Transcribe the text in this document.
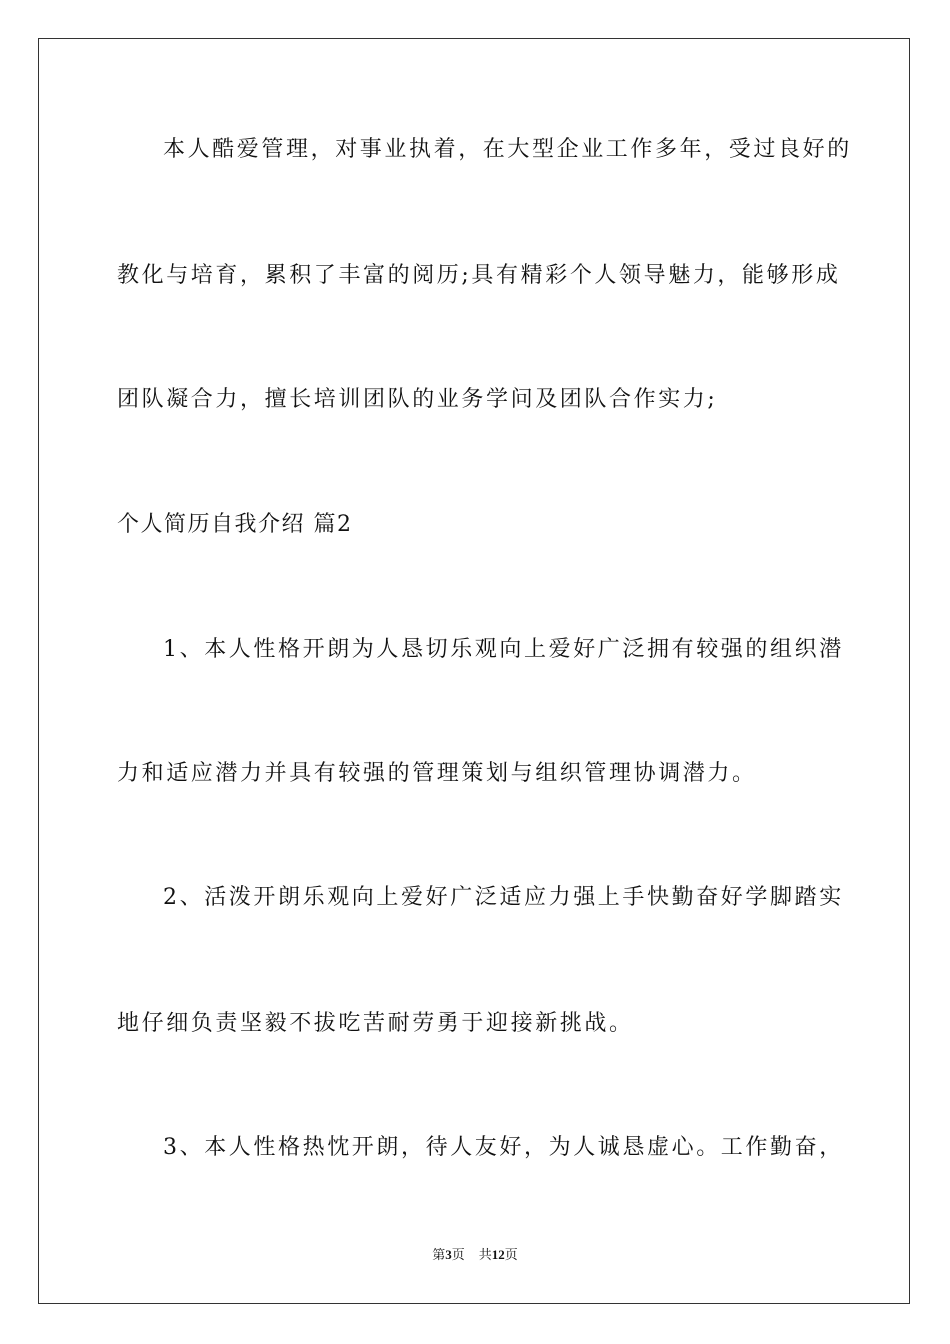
本人酷爱管理，对事业执着，在大型企业工作多年，受过良好的
教化与培育，累积了丰富的阅历;具有精彩个人领导魅力，能够形成
团队凝合力，擅长培训团队的业务学问及团队合作实力;
个人简历自我介绍 篇2
1、本人性格开朗为人恳切乐观向上爱好广泛拥有较强的组织潜
力和适应潜力并具有较强的管理策划与组织管理协调潜力。
2、活泼开朗乐观向上爱好广泛适应力强上手快勤奋好学脚踏实
地仔细负责坚毅不拔吃苦耐劳勇于迎接新挑战。
3、本人性格热忱开朗，待人友好，为人诚恳虚心。工作勤奋，
第3页 共12页
